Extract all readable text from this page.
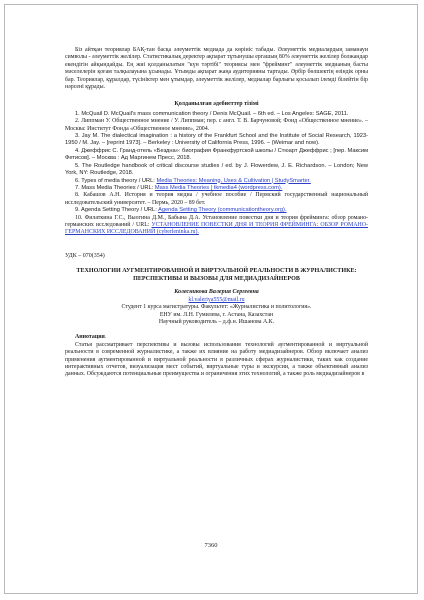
Біз айтқан теориялар БАҚ-тан басқа әлеуметтік медиада да көрініс табады. Әлеуметтік медиалардың заманауи символы - әлеуметтік желілер. Статистикалық деректер ақпарат тұтынушы ергашың 80% әлеуметтік желілер болжандар екендігін айқындайды. Ең жиі қолданылатын "күн тәртібі" теориясы мен "фрейминг" әлеуметтік медианың басты мәселелерін қоғам талқылауына ұсынады. Ұтымды ақпарат жаңа аудиторияны тартады. Әрбір бөлшектің өзіндік орны бар. Теориялар, құралдар, түсініктер мен ұтымдар, әлеуметтік желілер, медиалар барлығы қосылып ілемді білейтін бір нәрсені құрады.

Қолданылған әдебиеттер тізімі

1. McQuail D. McQuail's mass communication theory / Denis McQuail. – 6th ed. – Los Angeles: SAGE, 2011.

2. Липпман У. Общественное мнение / У. Липпман; пер. с англ. Т. В. Барчуновой; Фонд «Общественное мнение». – Москва: Институт Фонда «Общественное мнение», 2004.

3. Jay M. The dialectical imagination : a history of the Frankfurt School and the Institute of Social Research, 1923-1950 / M. Jay. – [reprint 1973]. – Berkeley : University of California Press, 1996. – (Weimar and now).

4. Джеффрис С. Гранд-отель «Бездна»: биография Франкфуртской школы / Стюарт Джеффрис ; [пер. Максим Фетисов]. – Москва : Ад Маргинем Пресс, 2018.

5. The Routledge handbook of critical discourse studies / ed. by J. Flowerdew, J. E. Richardson. – London; New York, NY: Routledge, 2018.

6. Types of media theory / URL: Media Theories: Meaning, Uses & Cultivation | StudySmarter.

7. Mass Media Theories / URL: Mass Media Theories | tkmedia4 (wordpress.com).

8. Кабашов А.Н. История и теория медиа / учебное пособие / Пермский государственный национальный исследовательский университет. – Пермь, 2020 – 89 бет.

9. Agenda Setting Theory / URL: Agenda Setting Theory (communicationtheory.org).

10. Филаткина Г.С., Выогина Д.М., Бабына Д.А. Установление повестки дня и теория фрейминга: обзор романо-германских исследований / URL: УСТАНОВЛЕНИЕ ПОВЕСТКИ ДНЯ И ТЕОРИЯ ФРЕЙМИНГА: ОБЗОР РОМАНО-ГЕРМАНСКИХ ИССЛЕДОВАНИЙ (cyberleninka.ru).

УДК – 070(354)

ТЕХНОЛОГИИ АУГМЕНТИРОВАННОЙ И ВИРТУАЛЬНОЙ РЕАЛЬНОСТИ В ЖУРНАЛИСТИКЕ: ПЕРСПЕКТИВЫ И ВЫЗОВЫ ДЛЯ МЕДИАДИЗАЙНЕРОВ

Колесникова Валерия Сергеевна

kl.valeriya555@mail.ru

Студент 1 курса магистратуры. Факультет: «Журналистика и политология».

ЕНУ им. Л.Н. Гумилева, г. Астана, Казахстан

Научный руководитель – д.ф.н. Ишанова А.К.

Аннотация.

Статья рассматривает перспективы и вызовы использования технологий аугментированной и виртуальной реальности в современной журналистике, а также их влияние на работу медиадизайнеров. Обзор включает анализ применения аугментированной и виртуальной реальности в различных сферах журналистики, таких как создание интерактивных отчетов, визуализация мест событий, виртуальные туры и экскурсии, а также объективный анализ данных. Обсуждаются потенциальные преимущества и ограничения этих технологий, а также роль медиадизайнеров в

7360
